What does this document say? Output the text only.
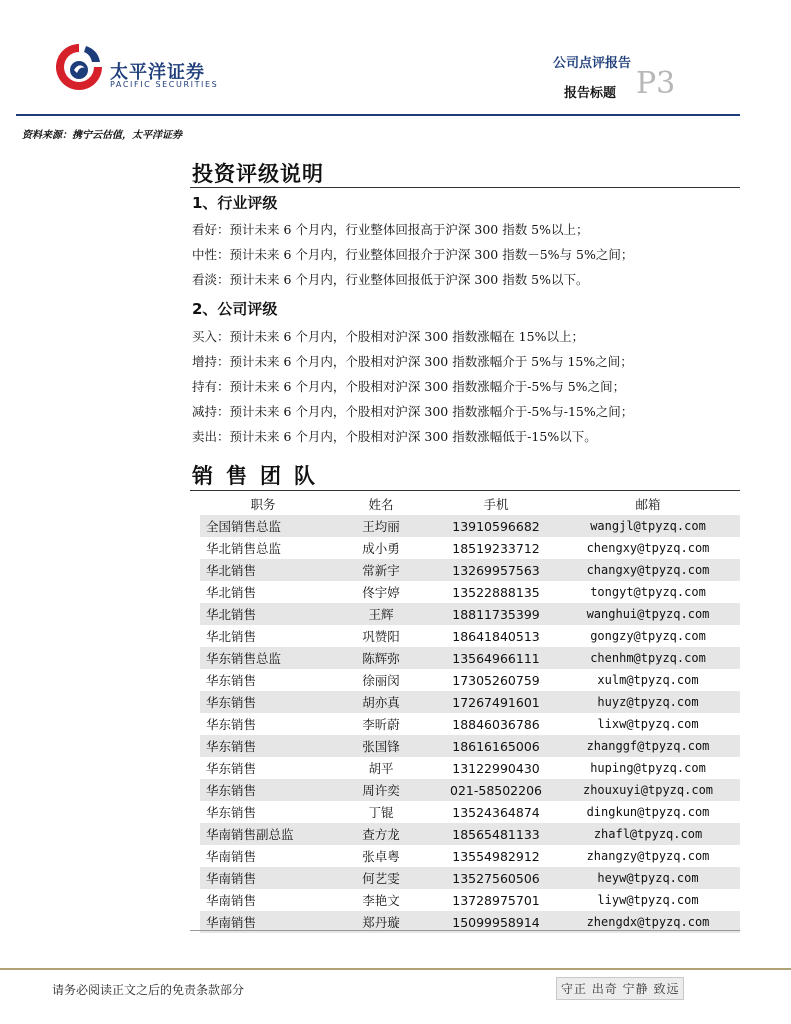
太平洋证券
PACIFIC SECURITIES
公司点评报告
报告标题 P3
资料来源：携宁云估值，太平洋证券
投资评级说明
1、行业评级
看好：预计未来 6 个月内，行业整体回报高于沪深 300 指数 5%以上；
中性：预计未来 6 个月内，行业整体回报介于沪深 300 指数－5%与 5%之间；
看淡：预计未来 6 个月内，行业整体回报低于沪深 300 指数 5%以下。
2、公司评级
买入：预计未来 6 个月内，个股相对沪深 300 指数涨幅在 15%以上；
增持：预计未来 6 个月内，个股相对沪深 300 指数涨幅介于 5%与 15%之间；
持有：预计未来 6 个月内，个股相对沪深 300 指数涨幅介于-5%与 5%之间；
减持：预计未来 6 个月内，个股相对沪深 300 指数涨幅介于-5%与-15%之间；
卖出：预计未来 6 个月内，个股相对沪深 300 指数涨幅低于-15%以下。
销售团队
职务	姓名	手机	邮箱
全国销售总监	王均丽	13910596682	wangjl@tpyzq.com
华北销售总监	成小勇	18519233712	chengxy@tpyzq.com
华北销售	常新宇	13269957563	changxy@tpyzq.com
华北销售	佟宇婷	13522888135	tongyt@tpyzq.com
华北销售	王辉	18811735399	wanghui@tpyzq.com
华北销售	巩赞阳	18641840513	gongzy@tpyzq.com
华东销售总监	陈辉弥	13564966111	chenhm@tpyzq.com
华东销售	徐丽闵	17305260759	xulm@tpyzq.com
华东销售	胡亦真	17267491601	huyz@tpyzq.com
华东销售	李昕蔚	18846036786	lixw@tpyzq.com
华东销售	张国锋	18616165006	zhanggf@tpyzq.com
华东销售	胡平	13122990430	huping@tpyzq.com
华东销售	周许奕	021-58502206	zhouxuyi@tpyzq.com
华东销售	丁锟	13524364874	dingkun@tpyzq.com
华南销售副总监	查方龙	18565481133	zhafl@tpyzq.com
华南销售	张卓粤	13554982912	zhangzy@tpyzq.com
华南销售	何艺雯	13527560506	heyw@tpyzq.com
华南销售	李艳文	13728975701	liyw@tpyzq.com
华南销售	郑丹璇	15099958914	zhengdx@tpyzq.com
请务必阅读正文之后的免责条款部分	守正 出奇 宁静 致远
